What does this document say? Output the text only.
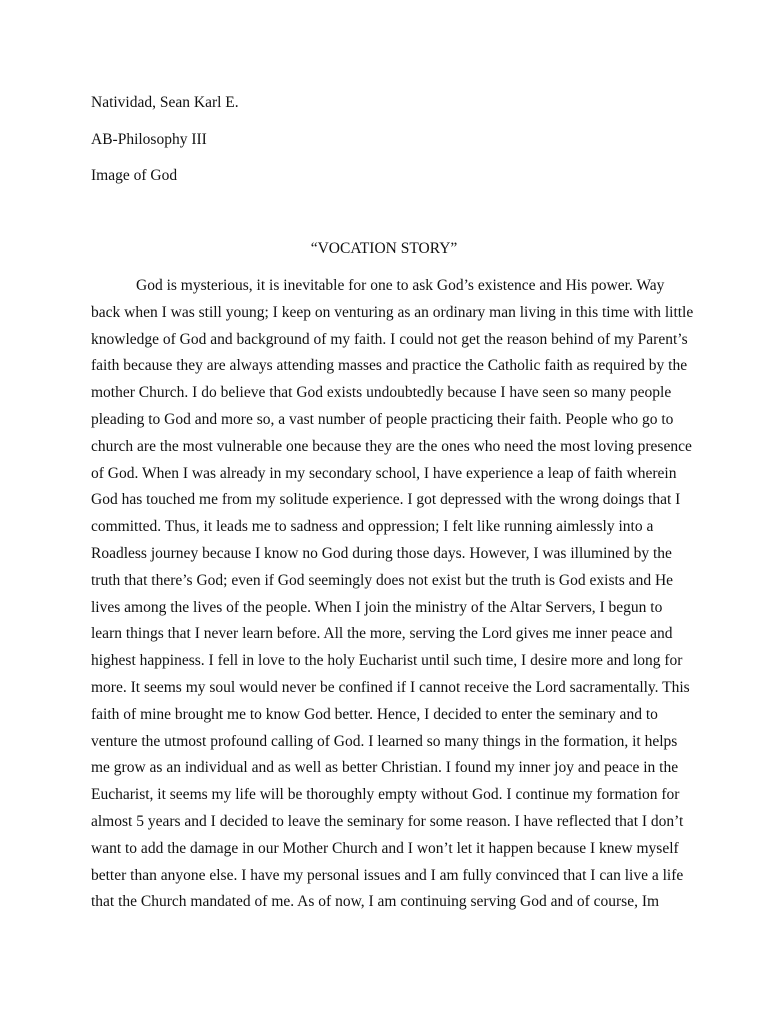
Natividad, Sean Karl E.
AB-Philosophy III
Image of God
“VOCATION STORY”
God is mysterious, it is inevitable for one to ask God’s existence and His power. Way
back when I was still young; I keep on venturing as an ordinary man living in this time with little
knowledge of God and background of my faith. I could not get the reason behind of my Parent’s
faith because they are always attending masses and practice the Catholic faith as required by the
mother Church. I do believe that God exists undoubtedly because I have seen so many people
pleading to God and more so, a vast number of people practicing their faith. People who go to
church are the most vulnerable one because they are the ones who need the most loving presence
of God. When I was already in my secondary school, I have experience a leap of faith wherein
God has touched me from my solitude experience. I got depressed with the wrong doings that I
committed. Thus, it leads me to sadness and oppression; I felt like running aimlessly into a
Roadless journey because I know no God during those days. However, I was illumined by the
truth that there’s God; even if God seemingly does not exist but the truth is God exists and He
lives among the lives of the people. When I join the ministry of the Altar Servers, I begun to
learn things that I never learn before. All the more, serving the Lord gives me inner peace and
highest happiness. I fell in love to the holy Eucharist until such time, I desire more and long for
more. It seems my soul would never be confined if I cannot receive the Lord sacramentally. This
faith of mine brought me to know God better. Hence, I decided to enter the seminary and to
venture the utmost profound calling of God. I learned so many things in the formation, it helps
me grow as an individual and as well as better Christian. I found my inner joy and peace in the
Eucharist, it seems my life will be thoroughly empty without God. I continue my formation for
almost 5 years and I decided to leave the seminary for some reason. I have reflected that I don’t
want to add the damage in our Mother Church and I won’t let it happen because I knew myself
better than anyone else. I have my personal issues and I am fully convinced that I can live a life
that the Church mandated of me. As of now, I am continuing serving God and of course, Im
